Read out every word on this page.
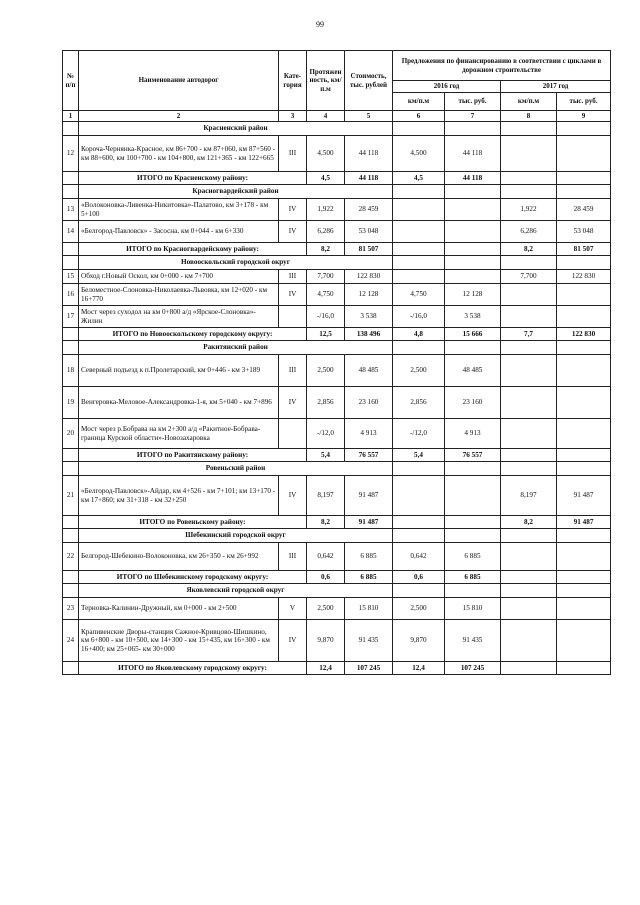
99
№ п/п	Наименование автодорог	Кате-гория	Протяжен ность, км/п.м	Стоимость, тыс. рублей	Предложения по финансированию в соответствии с циклами в дорожном строительстве			
					2016 год		2017 год	
					км/п.м	тыс. руб.	км/п.м	тыс. руб.
1	2	3	4	5	6	7	8	9
	Красненский район							
12	Короча-Чернянка-Красное, км 86+700 - км 87+060, км 87+560 - км 88+600, км 100+700 - км 104+800, км 121+365 - км 122+665	III	4,500	44 118	4,500	44 118		
	ИТОГО по Красненскому району:		4,5	44 118	4,5	44 118		
	Красногвардейский район							
13	«Волоконовка-Ливенка-Никитовка»-Палатово, км 3+178 - км 5+100	IV	1,922	28 459			1,922	28 459
14	«Белгород-Павловск» - Засосна, км 0+044 - км 6+330	IV	6,286	53 048			6,286	53 048
	ИТОГО по Красногвардейскому району:		8,2	81 507			8,2	81 507
	Новооскольский городской округ							
15	Обход г.Новый Оскол, км 0+000 - км 7+700	III	7,700	122 830			7,700	122 830
16	Беломестное-Слоновка-Николаевка-Львовка, км 12+020 - км 16+770	IV	4,750	12 128	4,750	12 128		
17	Мост через суходол на км 0+800 а/д «Ярское-Слоновка»-Жилин		-/16,0	3 538	-/16,0	3 538		
	ИТОГО по Новооскольскому городскому округу:		12,5	138 496	4,8	15 666	7,7	122 830
	Ракитянский район							
18	Северный подъезд к п.Пролетарский, км 0+446 - км 3+189	III	2,500	48 485	2,500	48 485		
19	Венгеровка-Меловое-Александровка-1-я, км 5+040 - км 7+896	IV	2,856	23 160	2,856	23 160		
20	Мост через р.Бобрава на км 2+300 а/д «Ракитное-Бобрава-граница Курской области»-Новозахаровка		-/12,0	4 913	-/12,0	4 913		
	ИТОГО по Ракитянскому району:		5,4	76 557	5,4	76 557		
	Ровеньский район							
21	«Белгород-Павловск»-Айдар, км 4+526 - км 7+101; км 13+170 - км 17+860; км 31+318 - км 32+250	IV	8,197	91 487			8,197	91 487
	ИТОГО по Ровеньскому району:		8,2	91 487			8,2	91 487
	Шебекинский городской округ							
22	Белгород-Шебекино-Волоконовка, км 26+350 - км 26+992	III	0,642	6 885	0,642	6 885		
	ИТОГО по Шебекинскому городскому округу:		0,6	6 885	0,6	6 885		
	Яковлевский городской округ							
23	Терновка-Калинин-Дружный, км 0+000 - км 2+500	V	2,500	15 810	2,500	15 810		
24	Крапивенские Дворы-станция Сажное-Кривцово-Шишкино, км 6+800 - км 10+500, км 14+300 - км 15+435, км 16+300 - км 16+400; км 25+065- км 30+000	IV	9,870	91 435	9,870	91 435		
	ИТОГО по Яковлевскому городскому округу:		12,4	107 245	12,4	107 245		
